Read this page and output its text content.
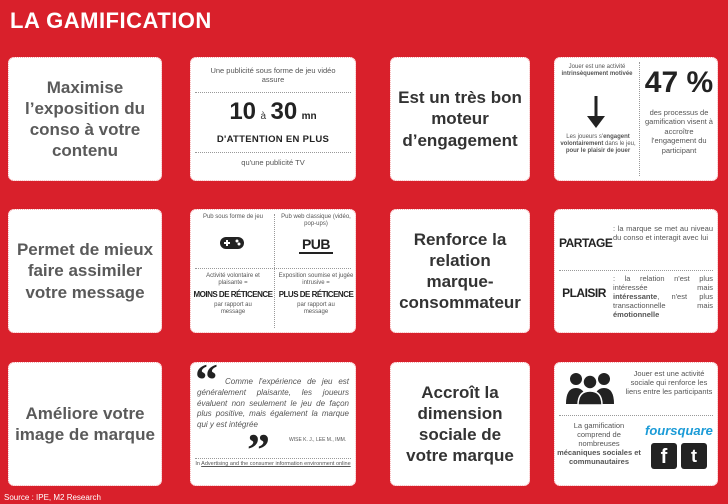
LA GAMIFICATION
Maximise l’exposition du conso à votre contenu
Une publicité sous forme de jeu vidéo assure
10 à 30 mn
D'ATTENTION EN PLUS
qu'une publicité TV
Est un très bon moteur d’engagement
Jouer est une activité
intrinsèquement motivée
Les joueurs s'engagent volontairement dans le jeu, pour le plaisir de jouer
47 %
des processus de gamification visent à accroître l'engagement du participant
Permet de mieux faire assimiler votre message
Pub sous forme de jeu	Pub web classique (vidéo, pop-ups)
PUB
Activité volontaire et plaisante =
MOINS DE RÉTICENCE
par rapport au message
Exposition soumise et jugée intrusive =
PLUS DE RÉTICENCE
par rapport au message
Renforce la relation marque-consommateur
PARTAGE
: la marque se met au niveau du conso et interagit avec lui
PLAISIR
: la relation n'est plus intéressée mais intéressante, n'est plus transactionnelle mais émotionnelle
Améliore votre image de marque
“ Comme l'expérience de jeu est généralement plaisante, les joueurs évaluent non seulement le jeu de façon plus positive, mais également la marque qui y est intégrée
”	WISE K. J., LEE M., IMM.
In Advertising and the consumer information environment online
Accroît la dimension sociale de votre marque
Jouer est une activité sociale qui renforce les liens entre les participants
La gamification comprend de nombreuses
mécaniques sociales et communautaires
foursquare
f	t
Source : IPE, M2 Research
